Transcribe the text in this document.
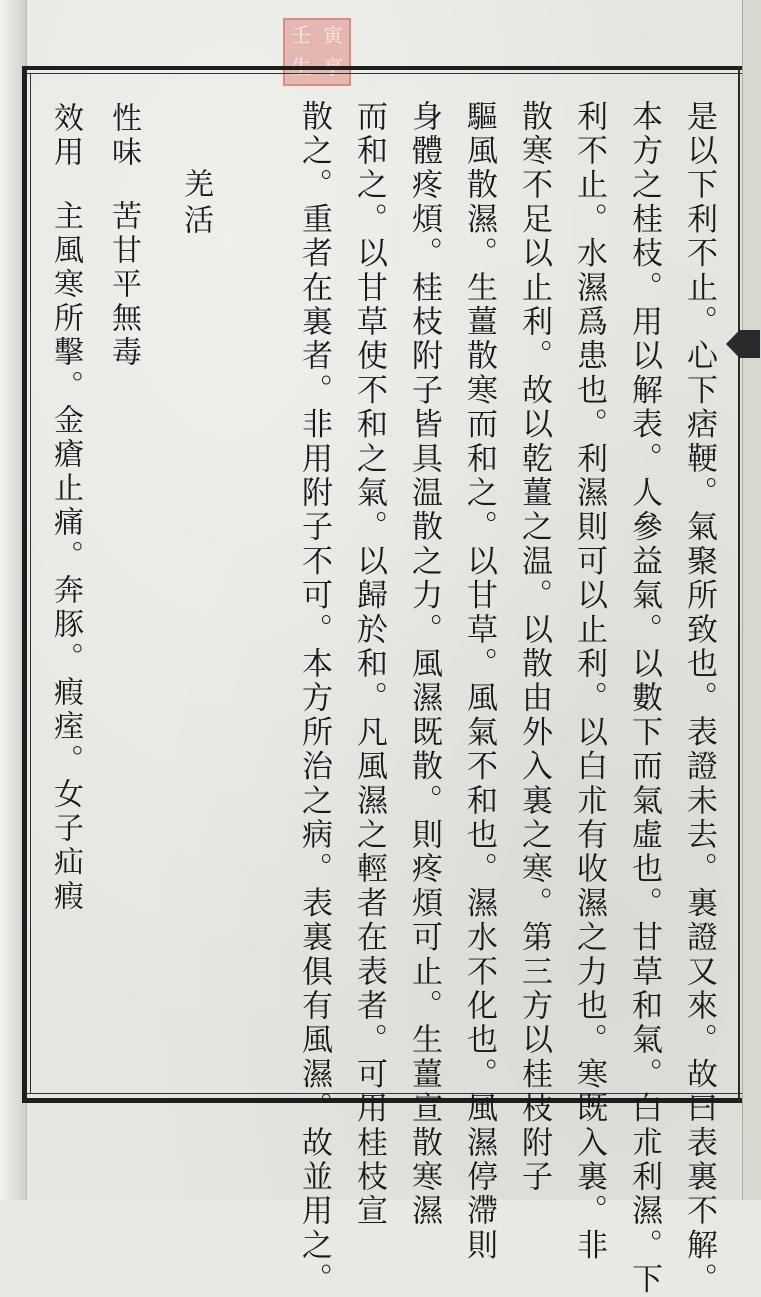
壬 寅
是以下利不止。心下痞鞕。氣聚所致也。表證未去。裏證又來。故曰表裏不解。
本方之桂枝。用以解表。人參益氣。以數下而氣虛也。甘草和氣。白朮利濕。下
利不止。水濕爲患也。利濕則可以止利。以白朮有收濕之力也。寒既入裏。非
散寒不足以止利。故以乾薑之温。以散由外入裏之寒。第三方以桂枝附子
驅風散濕。生薑散寒而和之。以甘草。風氣不和也。濕水不化也。風濕停滯則
身體疼煩。桂枝附子皆具温散之力。風濕既散。則疼煩可止。生薑宣散寒濕
而和之。以甘草使不和之氣。以歸於和。凡風濕之輕者在表者。可用桂枝宣
散之。重者在裏者。非用附子不可。本方所治之病。表裏俱有風濕。故並用之。
羌活
性味
苦甘平無毒
效用
主風寒所擊。金瘡止痛。奔豚。瘕痓。女子疝瘕
